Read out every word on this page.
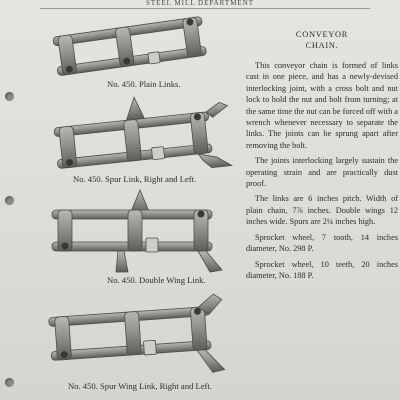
STEEL MILL DEPARTMENT
No. 450. Plain Links.
No. 450. Spur Link, Right and Left.
No. 450. Double Wing Link.
No. 450. Spur Wing Link, Right and Left.
CONVEYOR
CHAIN.

This conveyor chain is formed of links cast in one piece, and has a newly-devised interlocking joint, with a cross bolt and nut lock to hold the nut and bolt from turning; at the same time the nut can be forced off with a wrench whenever necessary to separate the links. The joints can be sprung apart after removing the bolt.

The joints interlocking largely sustain the operating strain and are practically dust proof.

The links are 6 inches pitch. Width of plain chain, 7⅞ inches. Double wings 12 inches wide. Spurs are 2¼ inches high.

Sprocket wheel, 7 tooth, 14 inches diameter, No. 298 P.

Sprocket wheel, 10 teeth, 20 inches diameter, No. 188 P.
